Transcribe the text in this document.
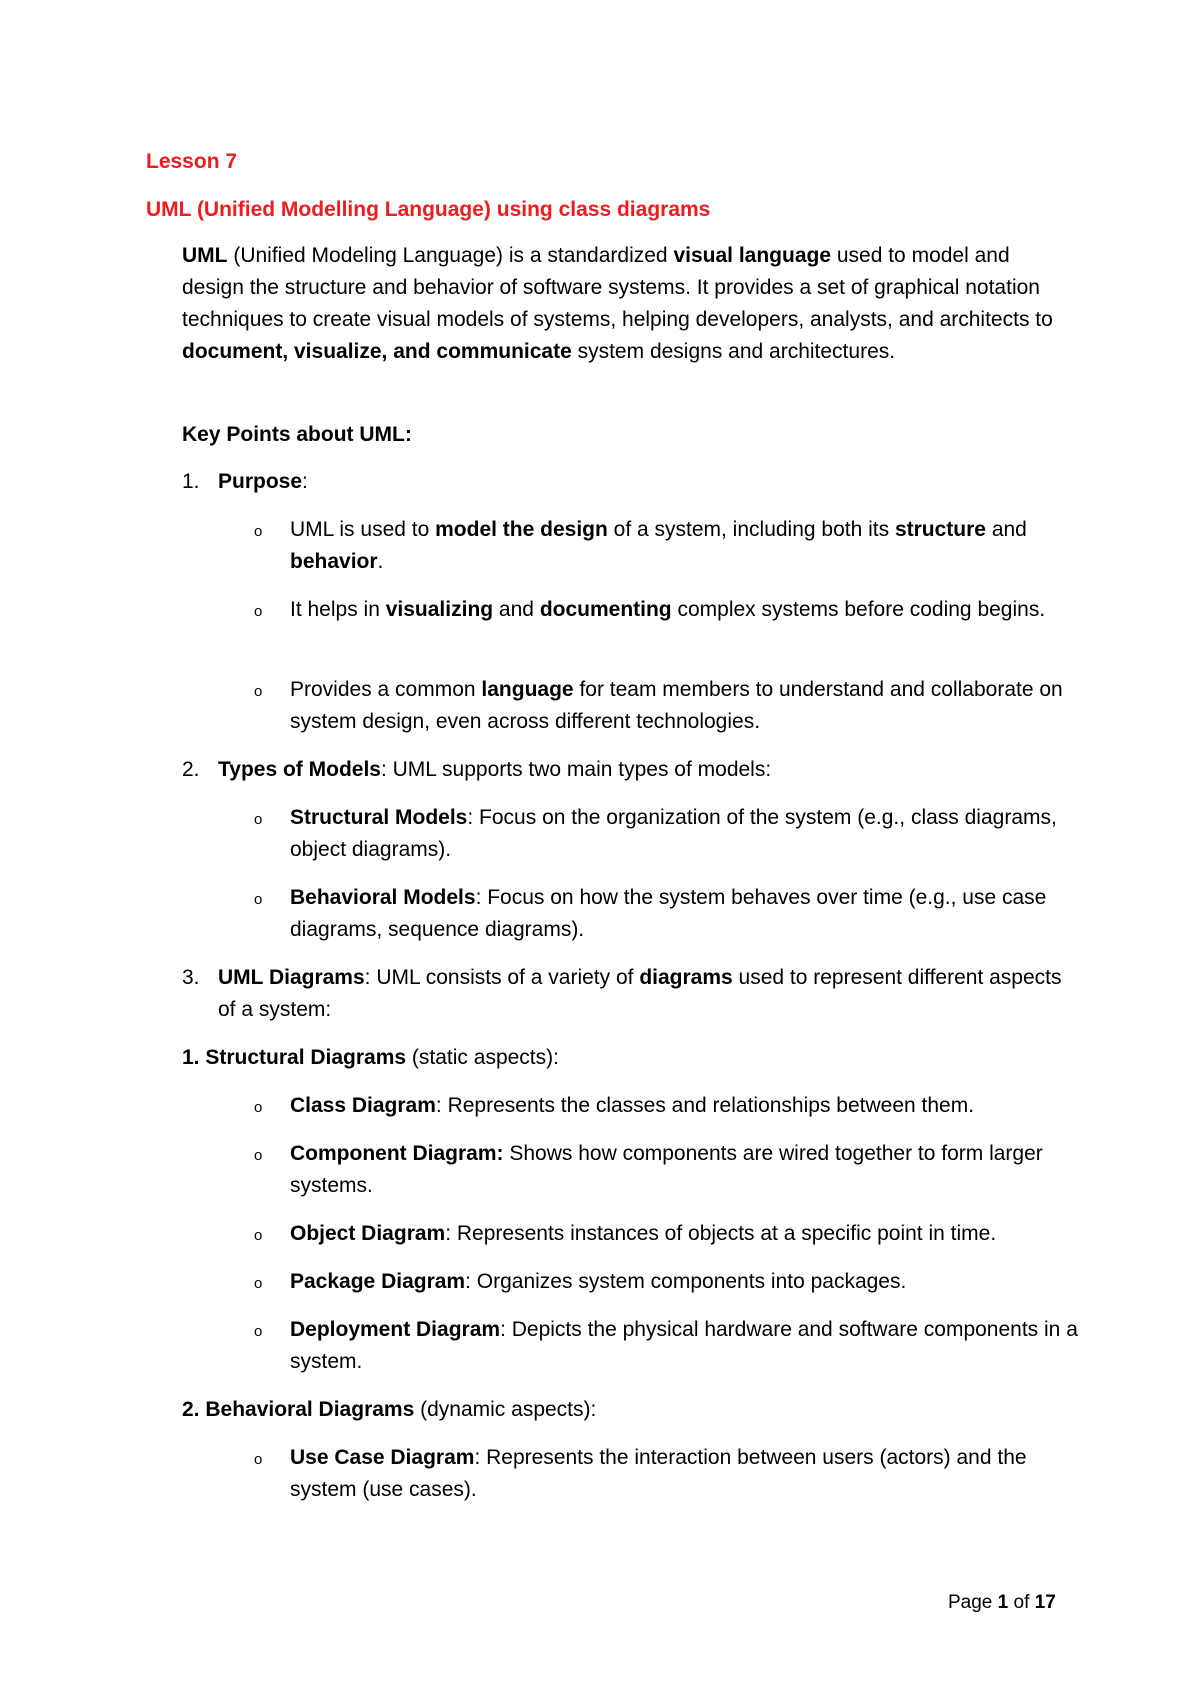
Lesson 7
UML (Unified Modelling Language) using class diagrams
UML (Unified Modeling Language) is a standardized visual language used to model and design the structure and behavior of software systems. It provides a set of graphical notation techniques to create visual models of systems, helping developers, analysts, and architects to document, visualize, and communicate system designs and architectures.
Key Points about UML:
1. Purpose:
o	UML is used to model the design of a system, including both its structure and behavior.
o	It helps in visualizing and documenting complex systems before coding begins.
o	Provides a common language for team members to understand and collaborate on system design, even across different technologies.
2. Types of Models: UML supports two main types of models:
o	Structural Models: Focus on the organization of the system (e.g., class diagrams, object diagrams).
o	Behavioral Models: Focus on how the system behaves over time (e.g., use case diagrams, sequence diagrams).
3. UML Diagrams: UML consists of a variety of diagrams used to represent different aspects of a system:
1. Structural Diagrams (static aspects):
o	Class Diagram: Represents the classes and relationships between them.
o	Component Diagram: Shows how components are wired together to form larger systems.
o	Object Diagram: Represents instances of objects at a specific point in time.
o	Package Diagram: Organizes system components into packages.
o	Deployment Diagram: Depicts the physical hardware and software components in a system.
2. Behavioral Diagrams (dynamic aspects):
o	Use Case Diagram: Represents the interaction between users (actors) and the system (use cases).
Page 1 of 17
